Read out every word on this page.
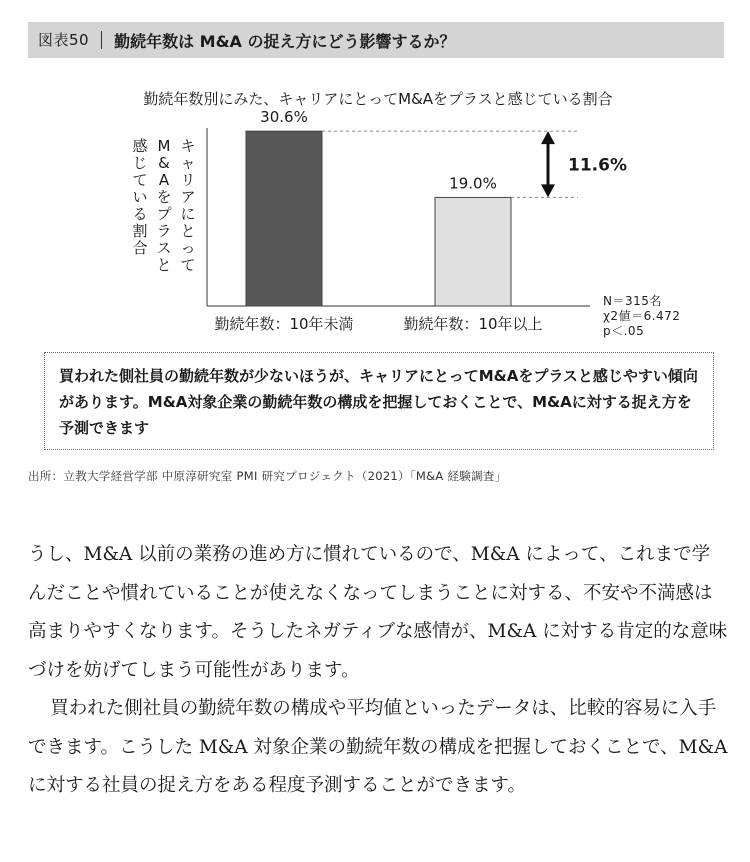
図表50	勤続年数は M&A の捉え方にどう影響するか？
勤続年数別にみた、キャリアにとってM&Aをプラスと感じている割合
30.6%
19.0%
勤続年数：10年未満	勤続年数：10年以上
11.6%
キャリアにとって
M&Aをプラスと
感じている割合
N＝315名
χ2値＝6.472
p＜.05

買われた側社員の勤続年数が少ないほうが、キャリアにとってM&Aをプラスと感じやすい傾向があります。M&A対象企業の勤続年数の構成を把握しておくことで、M&Aに対する捉え方を予測できます

出所：立教大学経営学部 中原淳研究室 PMI 研究プロジェクト（2021）「M&A 経験調査」

うし、M&A 以前の業務の進め方に慣れているので、M&A によって、これまで学んだことや慣れていることが使えなくなってしまうことに対する、不安や不満感は高まりやすくなります。そうしたネガティブな感情が、M&A に対する肯定的な意味づけを妨げてしまう可能性があります。

買われた側社員の勤続年数の構成や平均値といったデータは、比較的容易に入手できます。こうした M&A 対象企業の勤続年数の構成を把握しておくことで、M&A に対する社員の捉え方をある程度予測することができます。
